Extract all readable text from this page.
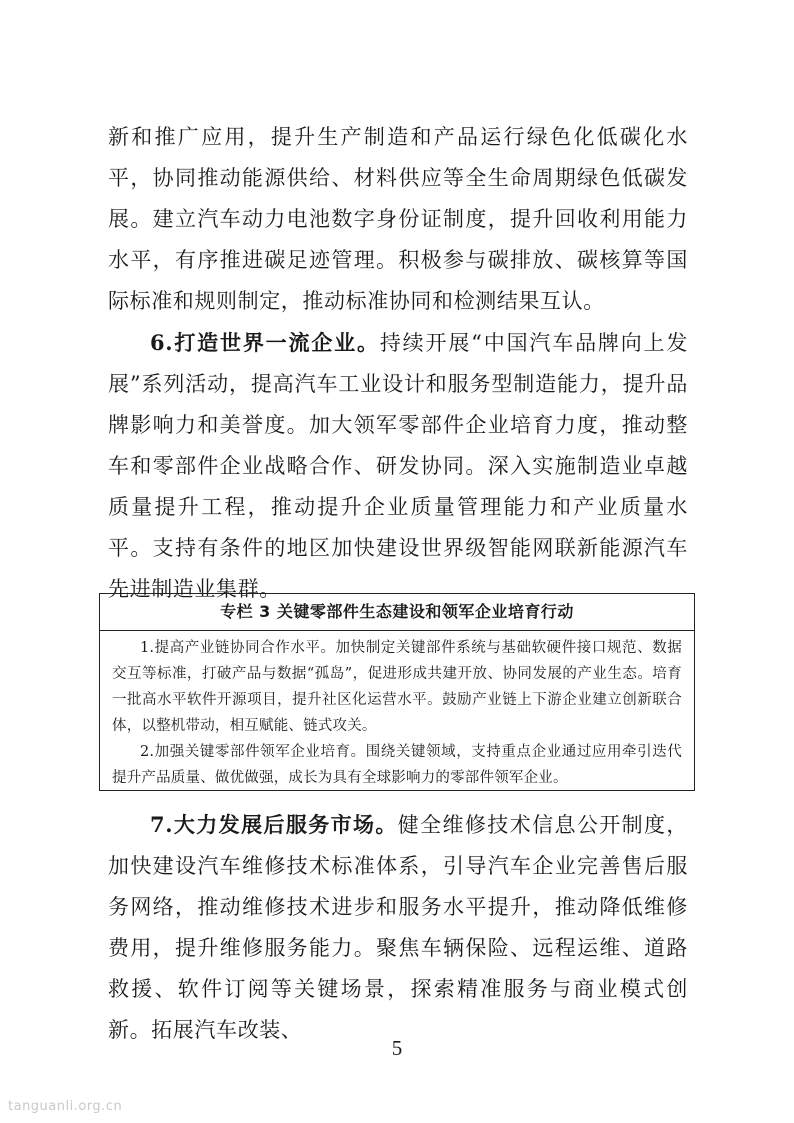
新和推广应用，提升生产制造和产品运行绿色化低碳化水平，协同推动能源供给、材料供应等全生命周期绿色低碳发展。建立汽车动力电池数字身份证制度，提升回收利用能力水平，有序推进碳足迹管理。积极参与碳排放、碳核算等国际标准和规则制定，推动标准协同和检测结果互认。

6.打造世界一流企业。持续开展“中国汽车品牌向上发展”系列活动，提高汽车工业设计和服务型制造能力，提升品牌影响力和美誉度。加大领军零部件企业培育力度，推动整车和零部件企业战略合作、研发协同。深入实施制造业卓越质量提升工程，推动提升企业质量管理能力和产业质量水平。支持有条件的地区加快建设世界级智能网联新能源汽车先进制造业集群。

专栏 3 关键零部件生态建设和领军企业培育行动

1.提高产业链协同合作水平。加快制定关键部件系统与基础软硬件接口规范、数据交互等标准，打破产品与数据“孤岛”，促进形成共建开放、协同发展的产业生态。培育一批高水平软件开源项目，提升社区化运营水平。鼓励产业链上下游企业建立创新联合体，以整机带动，相互赋能、链式攻关。

2.加强关键零部件领军企业培育。围绕关键领域，支持重点企业通过应用牵引迭代提升产品质量、做优做强，成长为具有全球影响力的零部件领军企业。

7.大力发展后服务市场。健全维修技术信息公开制度，加快建设汽车维修技术标准体系，引导汽车企业完善售后服务网络，推动维修技术进步和服务水平提升，推动降低维修费用，提升维修服务能力。聚焦车辆保险、远程运维、道路救援、软件订阅等关键场景，探索精准服务与商业模式创新。拓展汽车改装、

5
tanguanli.org.cn
